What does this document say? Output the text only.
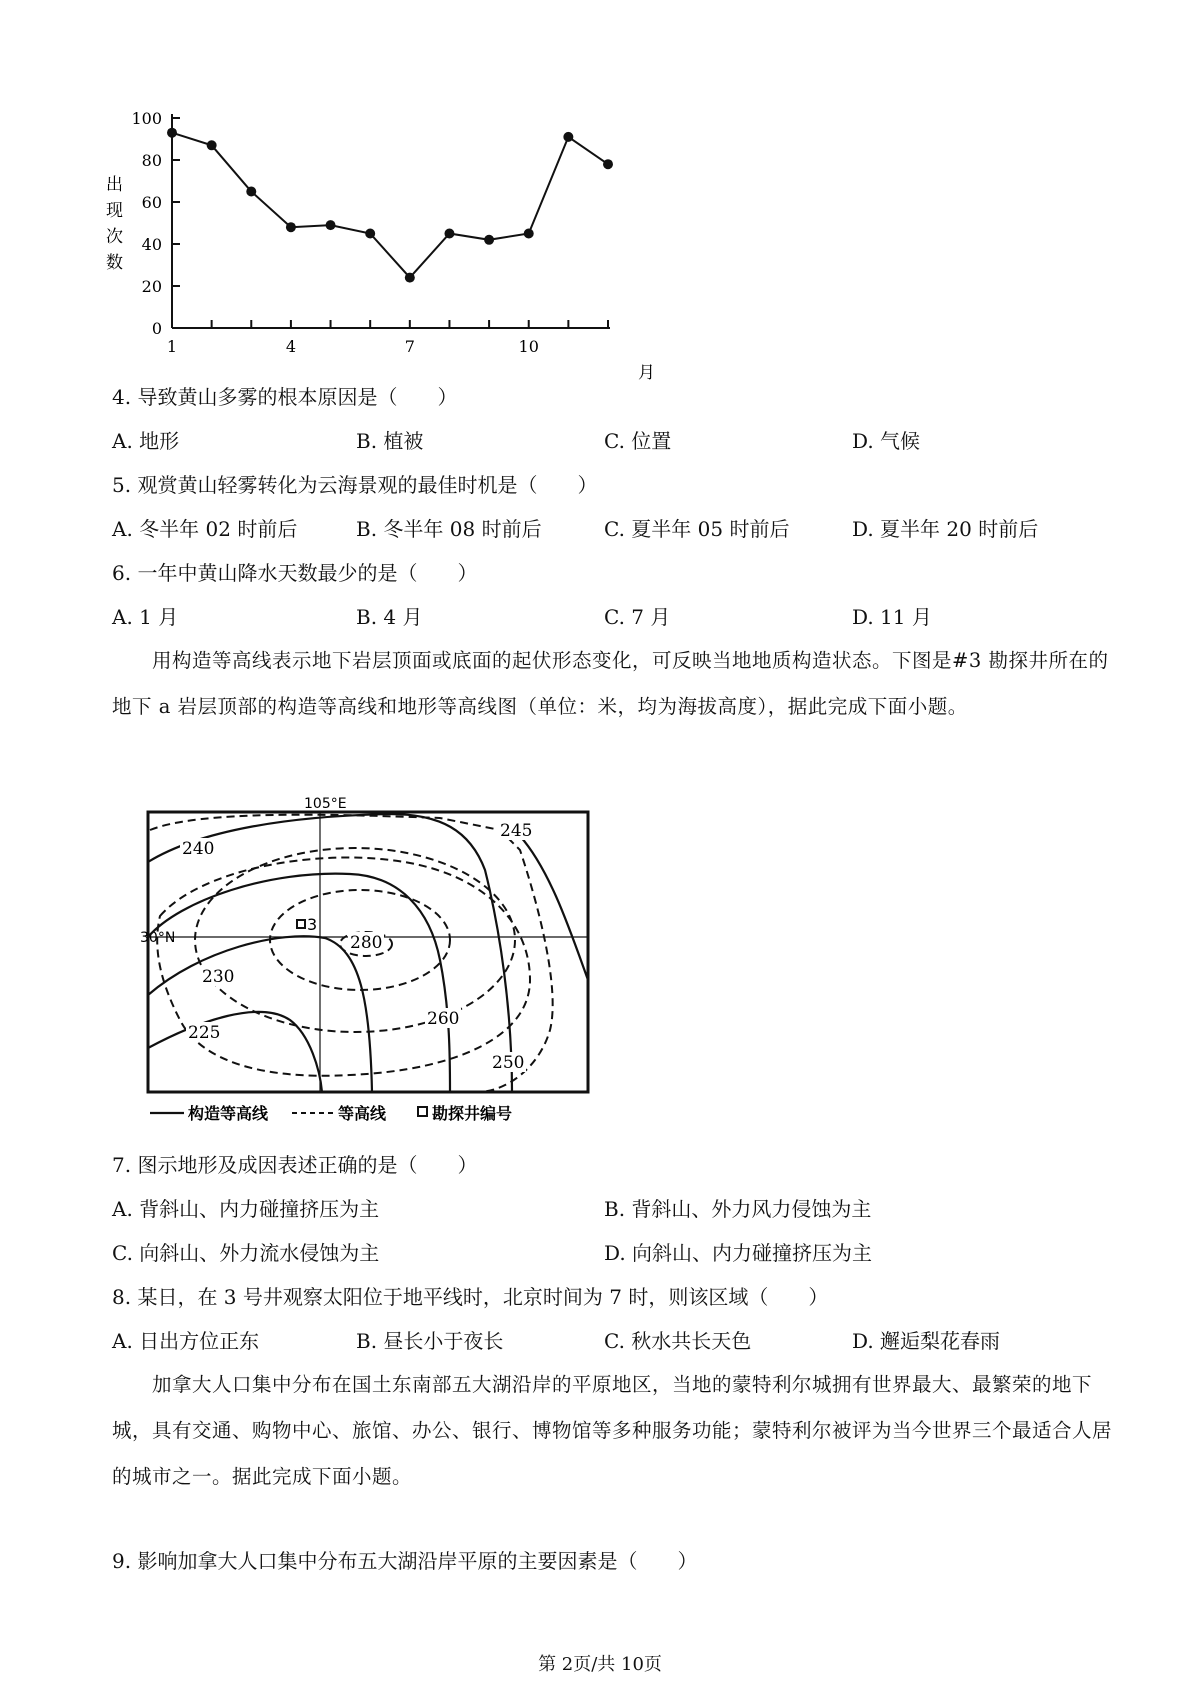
0
20
40
60
80
100
1	4	7	10
出
现
次
数
月
4. 导致黄山多雾的根本原因是（　　）
A. 地形	B. 植被	C. 位置	D. 气候
5. 观赏黄山轻雾转化为云海景观的最佳时机是（　　）
A. 冬半年 02 时前后	B. 冬半年 08 时前后	C. 夏半年 05 时前后	D. 夏半年 20 时前后
6. 一年中黄山降水天数最少的是（　　）
A. 1 月	B. 4 月	C. 7 月	D. 11 月
用构造等高线表示地下岩层顶面或底面的起伏形态变化，可反映当地地质构造状态。下图是#3 勘探井所在的地下 a 岩层顶部的构造等高线和地形等高线图（单位：米，均为海拔高度），据此完成下面小题。
105°E
30°N
240
245
280
230
260
225
250
3
构造等高线	等高线	勘探井编号
7. 图示地形及成因表述正确的是（　　）
A. 背斜山、内力碰撞挤压为主	B. 背斜山、外力风力侵蚀为主
C. 向斜山、外力流水侵蚀为主	D. 向斜山、内力碰撞挤压为主
8. 某日，在 3 号井观察太阳位于地平线时，北京时间为 7 时，则该区域（　　）
A. 日出方位正东	B. 昼长小于夜长	C. 秋水共长天色	D. 邂逅梨花春雨
加拿大人口集中分布在国土东南部五大湖沿岸的平原地区，当地的蒙特利尔城拥有世界最大、最繁荣的地下城，具有交通、购物中心、旅馆、办公、银行、博物馆等多种服务功能；蒙特利尔被评为当今世界三个最适合人居的城市之一。据此完成下面小题。
9. 影响加拿大人口集中分布五大湖沿岸平原的主要因素是（　　）
第 2页/共 10页
